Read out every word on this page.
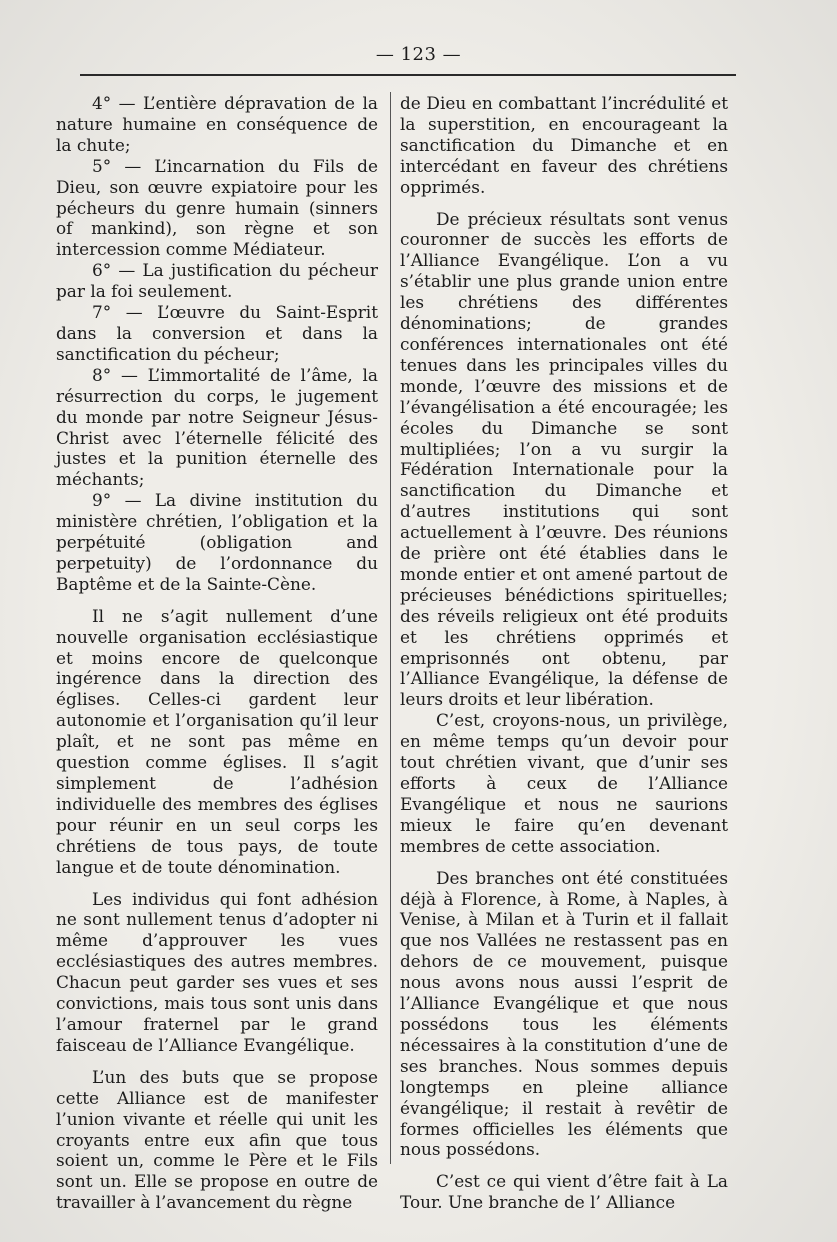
— 123 —

4° — L’entière dépravation de la nature humaine en conséquence de la chute;

5° — L’incarnation du Fils de Dieu, son œuvre expiatoire pour les pécheurs du genre humain (sinners of mankind), son règne et son intercession comme Médiateur.

6° — La justification du pécheur par la foi seulement.

7° — L’œuvre du Saint-Esprit dans la conversion et dans la sanctification du pécheur;

8° — L’immortalité de l’âme, la résurrection du corps, le jugement du monde par notre Seigneur Jésus-Christ avec l’éternelle félicité des justes et la punition éternelle des méchants;

9° — La divine institution du ministère chrétien, l’obligation et la perpétuité (obligation and perpetuity) de l’ordonnance du Baptême et de la Sainte-Cène.

Il ne s’agit nullement d’une nouvelle organisation ecclésiastique et moins encore de quelconque ingérence dans la direction des églises. Celles-ci gardent leur autonomie et l’organisation qu’il leur plaît, et ne sont pas même en question comme églises. Il s’agit simplement de l’adhésion individuelle des membres des églises pour réunir en un seul corps les chrétiens de tous pays, de toute langue et de toute dénomination.

Les individus qui font adhésion ne sont nullement tenus d’adopter ni même d’approuver les vues ecclésiastiques des autres membres. Chacun peut garder ses vues et ses convictions, mais tous sont unis dans l’amour fraternel par le grand faisceau de l’Alliance Evangélique.

L’un des buts que se propose cette Alliance est de manifester l’union vivante et réelle qui unit les croyants entre eux afin que tous soient un, comme le Père et le Fils sont un. Elle se propose en outre de travailler à l’avancement du règne

de Dieu en combattant l’incrédulité et la superstition, en encourageant la sanctification du Dimanche et en intercédant en faveur des chrétiens opprimés.

De précieux résultats sont venus couronner de succès les efforts de l’Alliance Evangélique. L’on a vu s’établir une plus grande union entre les chrétiens des différentes dénominations; de grandes conférences internationales ont été tenues dans les principales villes du monde, l’œuvre des missions et de l’évangélisation a été encouragée; les écoles du Dimanche se sont multipliées; l’on a vu surgir la Fédération Internationale pour la sanctification du Dimanche et d’autres institutions qui sont actuellement à l’œuvre. Des réunions de prière ont été établies dans le monde entier et ont amené partout de précieuses bénédictions spirituelles; des réveils religieux ont été produits et les chrétiens opprimés et emprisonnés ont obtenu, par l’Alliance Evangélique, la défense de leurs droits et leur libération.

C’est, croyons-nous, un privilège, en même temps qu’un devoir pour tout chrétien vivant, que d’unir ses efforts à ceux de l’Alliance Evangélique et nous ne saurions mieux le faire qu’en devenant membres de cette association.

Des branches ont été constituées déjà à Florence, à Rome, à Naples, à Venise, à Milan et à Turin et il fallait que nos Vallées ne restassent pas en dehors de ce mouvement, puisque nous avons nous aussi l’esprit de l’Alliance Evangélique et que nous possédons tous les éléments nécessaires à la constitution d’une de ses branches. Nous sommes depuis longtemps en pleine alliance évangélique; il restait à revêtir de formes officielles les éléments que nous possédons.

C’est ce qui vient d’être fait à La Tour. Une branche de l’ Alliance
